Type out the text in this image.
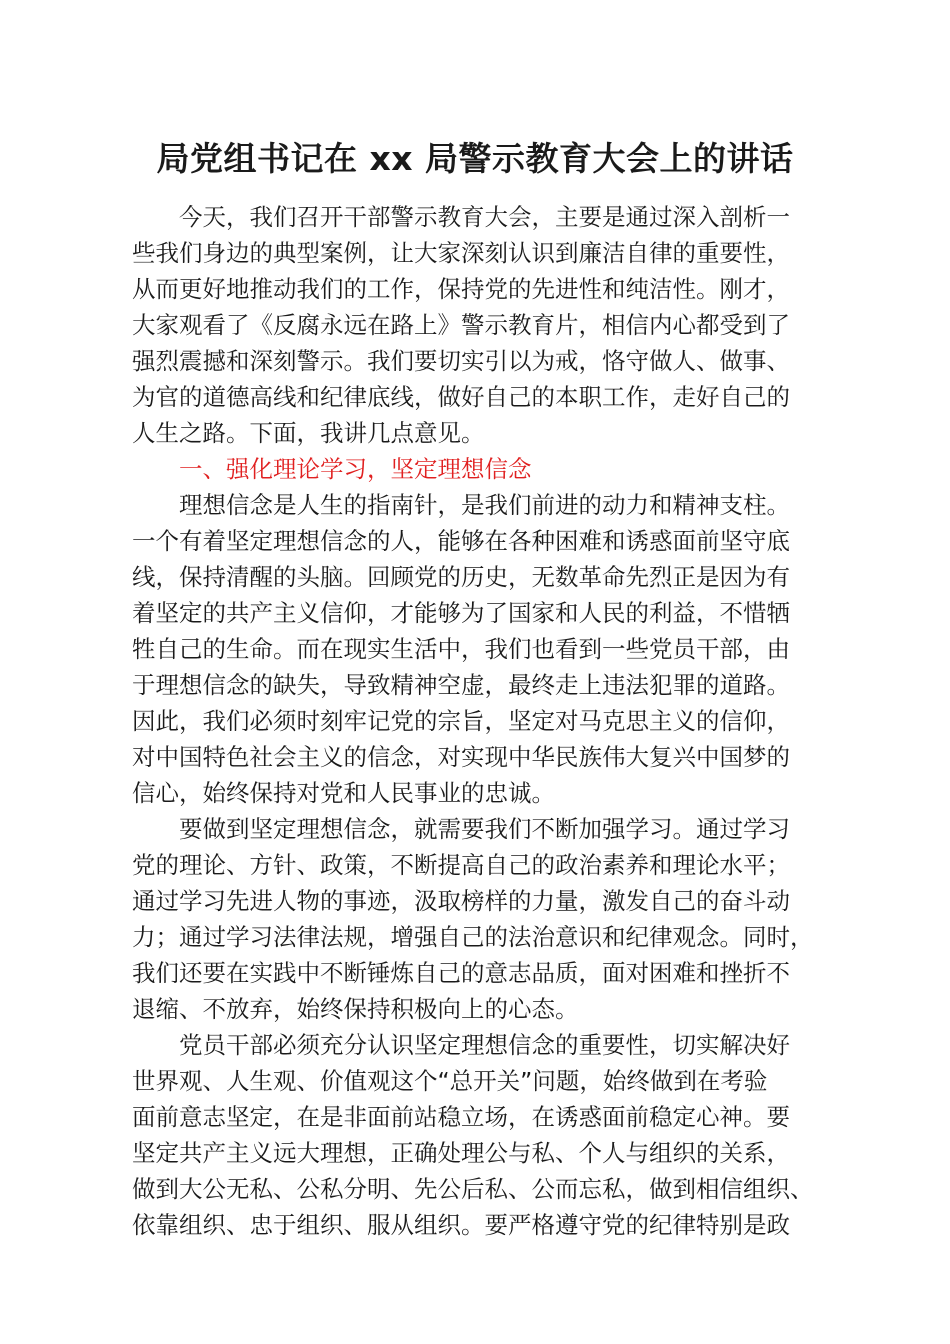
局党组书记在 xx 局警示教育大会上的讲话
今天，我们召开干部警示教育大会，主要是通过深入剖析一
些我们身边的典型案例，让大家深刻认识到廉洁自律的重要性，
从而更好地推动我们的工作，保持党的先进性和纯洁性。刚才，
大家观看了《反腐永远在路上》警示教育片，相信内心都受到了
强烈震撼和深刻警示。我们要切实引以为戒，恪守做人、做事、
为官的道德高线和纪律底线，做好自己的本职工作，走好自己的
人生之路。下面，我讲几点意见。
一、强化理论学习，坚定理想信念
理想信念是人生的指南针，是我们前进的动力和精神支柱。
一个有着坚定理想信念的人，能够在各种困难和诱惑面前坚守底
线，保持清醒的头脑。回顾党的历史，无数革命先烈正是因为有
着坚定的共产主义信仰，才能够为了国家和人民的利益，不惜牺
牲自己的生命。而在现实生活中，我们也看到一些党员干部，由
于理想信念的缺失，导致精神空虚，最终走上违法犯罪的道路。
因此，我们必须时刻牢记党的宗旨，坚定对马克思主义的信仰，
对中国特色社会主义的信念，对实现中华民族伟大复兴中国梦的
信心，始终保持对党和人民事业的忠诚。
要做到坚定理想信念，就需要我们不断加强学习。通过学习
党的理论、方针、政策，不断提高自己的政治素养和理论水平；
通过学习先进人物的事迹，汲取榜样的力量，激发自己的奋斗动
力；通过学习法律法规，增强自己的法治意识和纪律观念。同时，
我们还要在实践中不断锤炼自己的意志品质，面对困难和挫折不
退缩、不放弃，始终保持积极向上的心态。
党员干部必须充分认识坚定理想信念的重要性，切实解决好
世界观、人生观、价值观这个“总开关”问题，始终做到在考验
面前意志坚定，在是非面前站稳立场，在诱惑面前稳定心神。要
坚定共产主义远大理想，正确处理公与私、个人与组织的关系，
做到大公无私、公私分明、先公后私、公而忘私，做到相信组织、
依靠组织、忠于组织、服从组织。要严格遵守党的纪律特别是政
